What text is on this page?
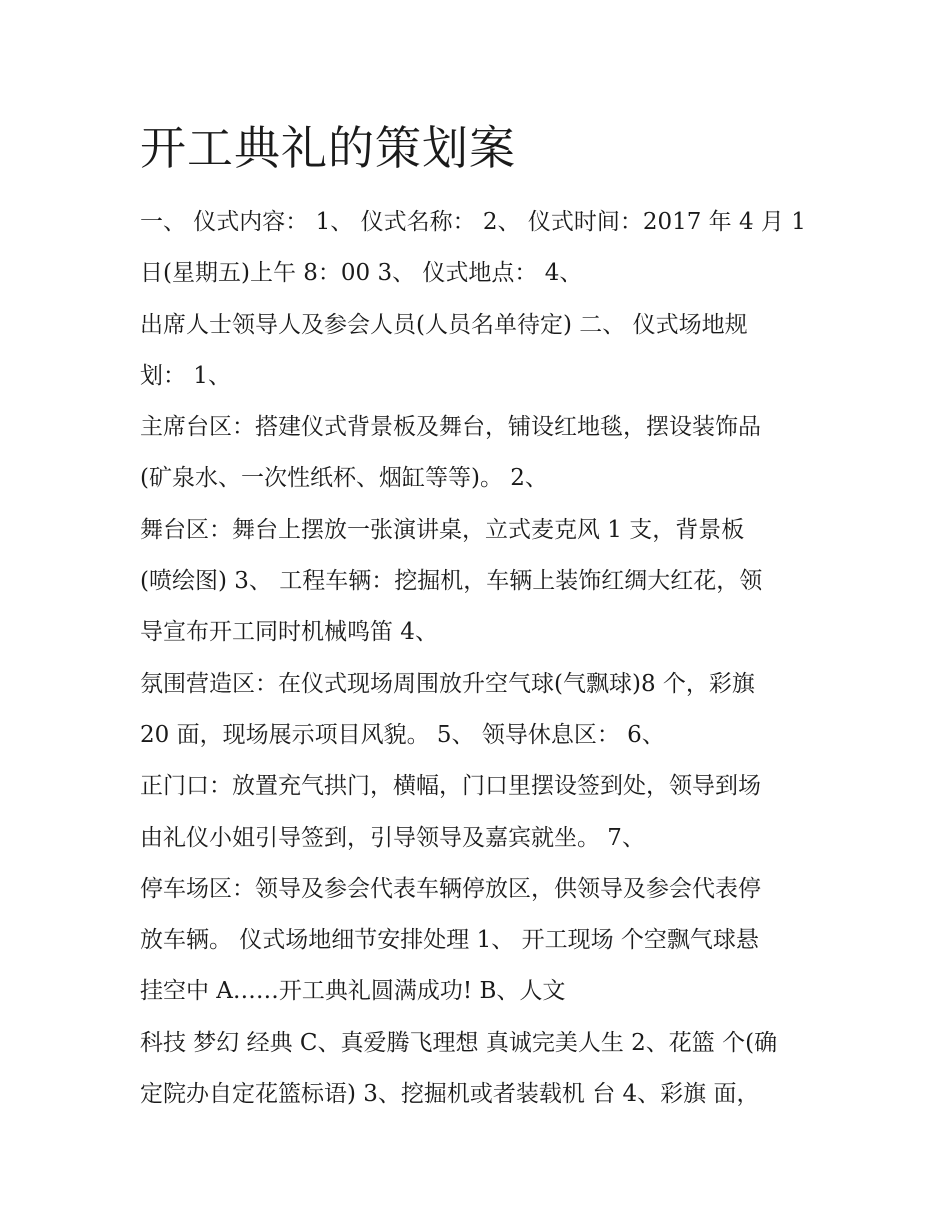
开工典礼的策划案
一、 仪式内容： 1、 仪式名称： 2、 仪式时间：2017 年 4 月 1
日(星期五)上午 8：00 3、 仪式地点： 4、
出席人士领导人及参会人员(人员名单待定) 二、 仪式场地规
划： 1、
主席台区：搭建仪式背景板及舞台，铺设红地毯，摆设装饰品
(矿泉水、一次性纸杯、烟缸等等)。 2、
舞台区：舞台上摆放一张演讲桌，立式麦克风 1 支，背景板
(喷绘图) 3、 工程车辆：挖掘机，车辆上装饰红绸大红花，领
导宣布开工同时机械鸣笛 4、
氛围营造区：在仪式现场周围放升空气球(气飘球)8 个，彩旗
20 面，现场展示项目风貌。 5、 领导休息区： 6、
正门口：放置充气拱门，横幅，门口里摆设签到处，领导到场
由礼仪小姐引导签到，引导领导及嘉宾就坐。 7、
停车场区：领导及参会代表车辆停放区，供领导及参会代表停
放车辆。 仪式场地细节安排处理 1、 开工现场 个空飘气球悬
挂空中 A……开工典礼圆满成功! B、人文
科技 梦幻 经典 C、真爱腾飞理想 真诚完美人生 2、花篮 个(确
定院办自定花篮标语) 3、挖掘机或者装载机 台 4、彩旗 面，
